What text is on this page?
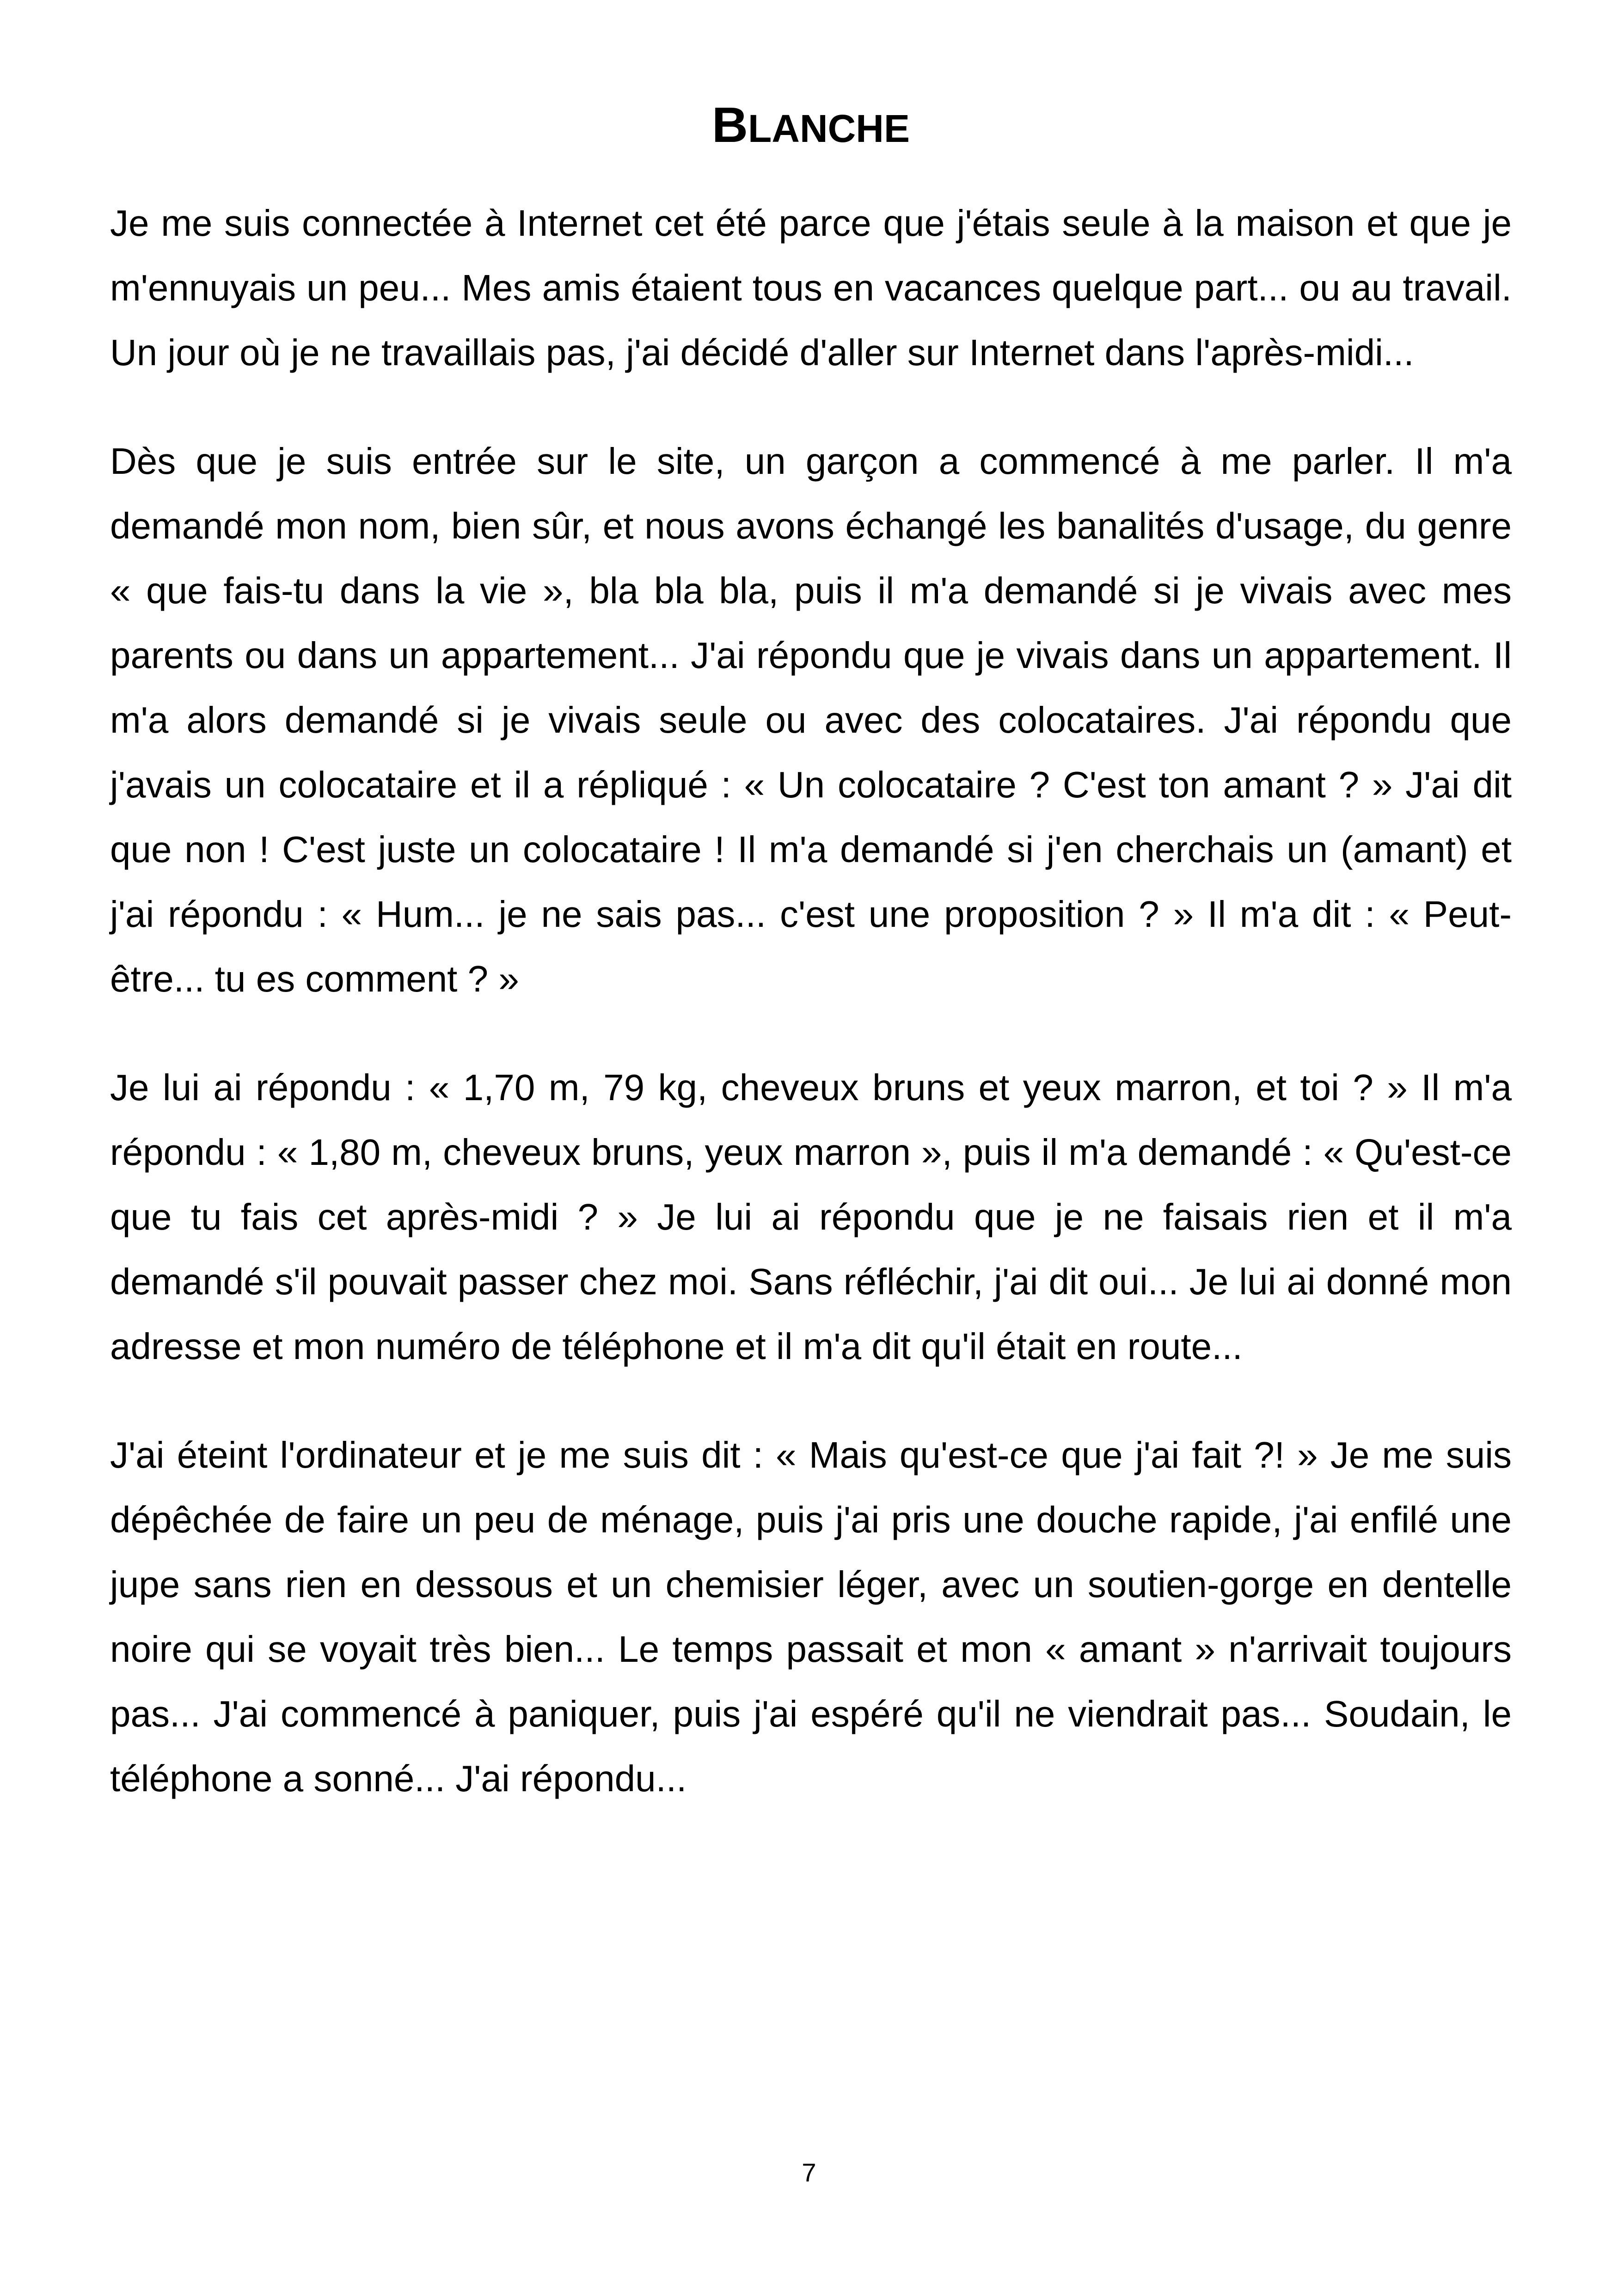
BLANCHE

Je me suis connectée à Internet cet été parce que j'étais seule à la maison et que je m'ennuyais un peu... Mes amis étaient tous en vacances quelque part... ou au travail. Un jour où je ne travaillais pas, j'ai décidé d'aller sur Internet dans l'après-midi...

Dès que je suis entrée sur le site, un garçon a commencé à me parler. Il m'a demandé mon nom, bien sûr, et nous avons échangé les banalités d'usage, du genre « que fais-tu dans la vie », bla bla bla, puis il m'a demandé si je vivais avec mes parents ou dans un appartement... J'ai répondu que je vivais dans un appartement. Il m'a alors demandé si je vivais seule ou avec des colocataires. J'ai répondu que j'avais un colocataire et il a répliqué : « Un colocataire ? C'est ton amant ? » J'ai dit que non ! C'est juste un colocataire ! Il m'a demandé si j'en cherchais un (amant) et j'ai répondu : « Hum... je ne sais pas... c'est une proposition ? » Il m'a dit : « Peut-être... tu es comment ? »

Je lui ai répondu : « 1,70 m, 79 kg, cheveux bruns et yeux marron, et toi ? » Il m'a répondu : « 1,80 m, cheveux bruns, yeux marron », puis il m'a demandé : « Qu'est-ce que tu fais cet après-midi ? » Je lui ai répondu que je ne faisais rien et il m'a demandé s'il pouvait passer chez moi. Sans réfléchir, j'ai dit oui... Je lui ai donné mon adresse et mon numéro de téléphone et il m'a dit qu'il était en route...

J'ai éteint l'ordinateur et je me suis dit : « Mais qu'est-ce que j'ai fait ?! » Je me suis dépêchée de faire un peu de ménage, puis j'ai pris une douche rapide, j'ai enfilé une jupe sans rien en dessous et un chemisier léger, avec un soutien-gorge en dentelle noire qui se voyait très bien... Le temps passait et mon « amant » n'arrivait toujours pas... J'ai commencé à paniquer, puis j'ai espéré qu'il ne viendrait pas... Soudain, le téléphone a sonné... J'ai répondu...

7
